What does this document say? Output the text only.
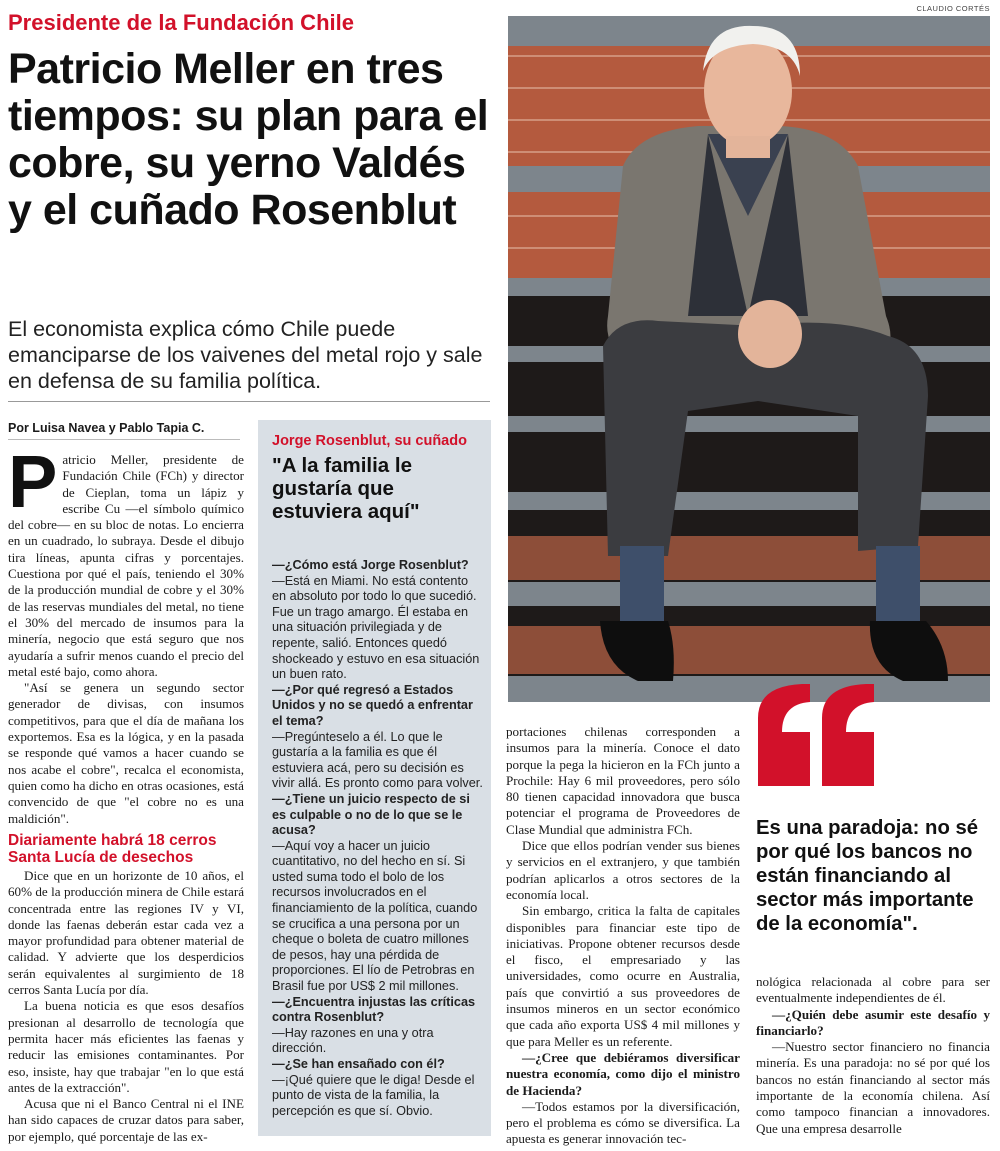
Presidente de la Fundación Chile
Patricio Meller en tres tiempos: su plan para el cobre, su yerno Valdés y el cuñado Rosenblut
El economista explica cómo Chile puede emanciparse de los vaivenes del metal rojo y sale en defensa de su familia política.
Por Luisa Navea y Pablo Tapia C.

Patricio Meller, presidente de Fundación Chile (FCh) y director de Cieplan, toma un lápiz y escribe Cu —el símbolo químico del cobre— en su bloc de notas. Lo encierra en un cuadrado, lo subraya. Desde el dibujo tira líneas, apunta cifras y porcentajes. Cuestiona por qué el país, teniendo el 30% de la producción mundial de cobre y el 30% de las reservas mundiales del metal, no tiene el 30% del mercado de insumos para la minería, negocio que está seguro que nos ayudaría a sufrir menos cuando el precio del metal esté bajo, como ahora.

"Así se genera un segundo sector generador de divisas, con insumos competitivos, para que el día de mañana los exportemos. Esa es la lógica, y en la pasada se responde qué vamos a hacer cuando se nos acabe el cobre", recalca el economista, quien como ha dicho en otras ocasiones, está convencido de que "el cobre no es una maldición".

Diariamente habrá 18 cerros Santa Lucía de desechos

Dice que en un horizonte de 10 años, el 60% de la producción minera de Chile estará concentrada entre las regiones IV y VI, donde las faenas deberán estar cada vez a mayor profundidad para obtener material de calidad. Y advierte que los desperdicios serán equivalentes al surgimiento de 18 cerros Santa Lucía por día.

La buena noticia es que esos desafíos presionan al desarrollo de tecnología que permita hacer más eficientes las faenas y reducir las emisiones contaminantes. Por eso, insiste, hay que trabajar "en lo que está antes de la extracción".

Acusa que ni el Banco Central ni el INE han sido capaces de cruzar datos para saber, por ejemplo, qué porcentaje de las ex-

Jorge Rosenblut, su cuñado
"A la familia le gustaría que estuviera aquí"
—¿Cómo está Jorge Rosenblut?
—Está en Miami. No está contento en absoluto por todo lo que sucedió. Fue un trago amargo. Él estaba en una situación privilegiada y de repente, salió. Entonces quedó shockeado y estuvo en esa situación un buen rato.
—¿Por qué regresó a Estados Unidos y no se quedó a enfrentar el tema?
—Pregúnteselo a él. Lo que le gustaría a la familia es que él estuviera acá, pero su decisión es vivir allá. Es pronto como para volver.
—¿Tiene un juicio respecto de si es culpable o no de lo que se le acusa?
—Aquí voy a hacer un juicio cuantitativo, no del hecho en sí. Si usted suma todo el bolo de los recursos involucrados en el financiamiento de la política, cuando se crucifica a una persona por un cheque o boleta de cuatro millones de pesos, hay una pérdida de proporciones. El lío de Petrobras en Brasil fue por US$ 2 mil millones.
—¿Encuentra injustas las críticas contra Rosenblut?
—Hay razones en una y otra dirección.
—¿Se han ensañado con él?
—¡Qué quiere que le diga! Desde el punto de vista de la familia, la percepción es que sí. Obvio.
CLAUDIO CORTÉS

portaciones chilenas corresponden a insumos para la minería. Conoce el dato porque la pega la hicieron en la FCh junto a Prochile: Hay 6 mil proveedores, pero sólo 80 tienen capacidad innovadora que busca potenciar el programa de Proveedores de Clase Mundial que administra FCh.

Dice que ellos podrían vender sus bienes y servicios en el extranjero, y que también podrían aplicarlos a otros sectores de la economía local.

Sin embargo, critica la falta de capitales disponibles para financiar este tipo de iniciativas. Propone obtener recursos desde el fisco, el empresariado y las universidades, como ocurre en Australia, país que convirtió a sus proveedores de insumos mineros en un sector económico que cada año exporta US$ 4 mil millones y que para Meller es un referente.

—¿Cree que debiéramos diversificar nuestra economía, como dijo el ministro de Hacienda?

—Todos estamos por la diversificación, pero el problema es cómo se diversifica. La apuesta es generar innovación tec-

Es una paradoja: no sé por qué los bancos no están financiando al sector más importante de la economía".

nológica relacionada al cobre para ser eventualmente independientes de él.

—¿Quién debe asumir este desafío y financiarlo?

—Nuestro sector financiero no financia minería. Es una paradoja: no sé por qué los bancos no están financiando al sector más importante de la economía chilena. Así como tampoco financian a innovadores. Que una empresa desarrolle
